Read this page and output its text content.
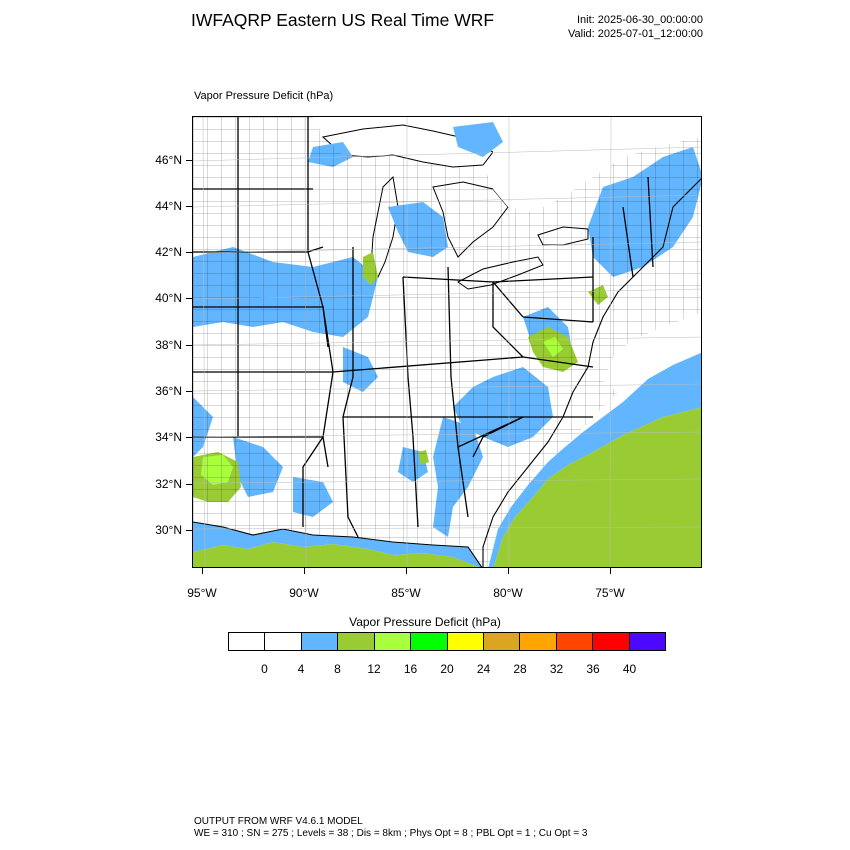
IWFAQRP Eastern US Real Time WRF	Init: 2025-06-30_00:00:00
Valid: 2025-07-01_12:00:00
Vapor Pressure Deficit (hPa)
46°N
44°N
42°N
40°N
38°N
36°N
34°N
32°N
30°N
95°W	90°W	85°W	80°W	75°W
Vapor Pressure Deficit (hPa)
0 4 8 12 16 20 24 28 32 36 40
OUTPUT FROM WRF V4.6.1 MODEL
WE = 310 ; SN = 275 ; Levels = 38 ; Dis = 8km ; Phys Opt = 8 ; PBL Opt = 1 ; Cu Opt = 3
